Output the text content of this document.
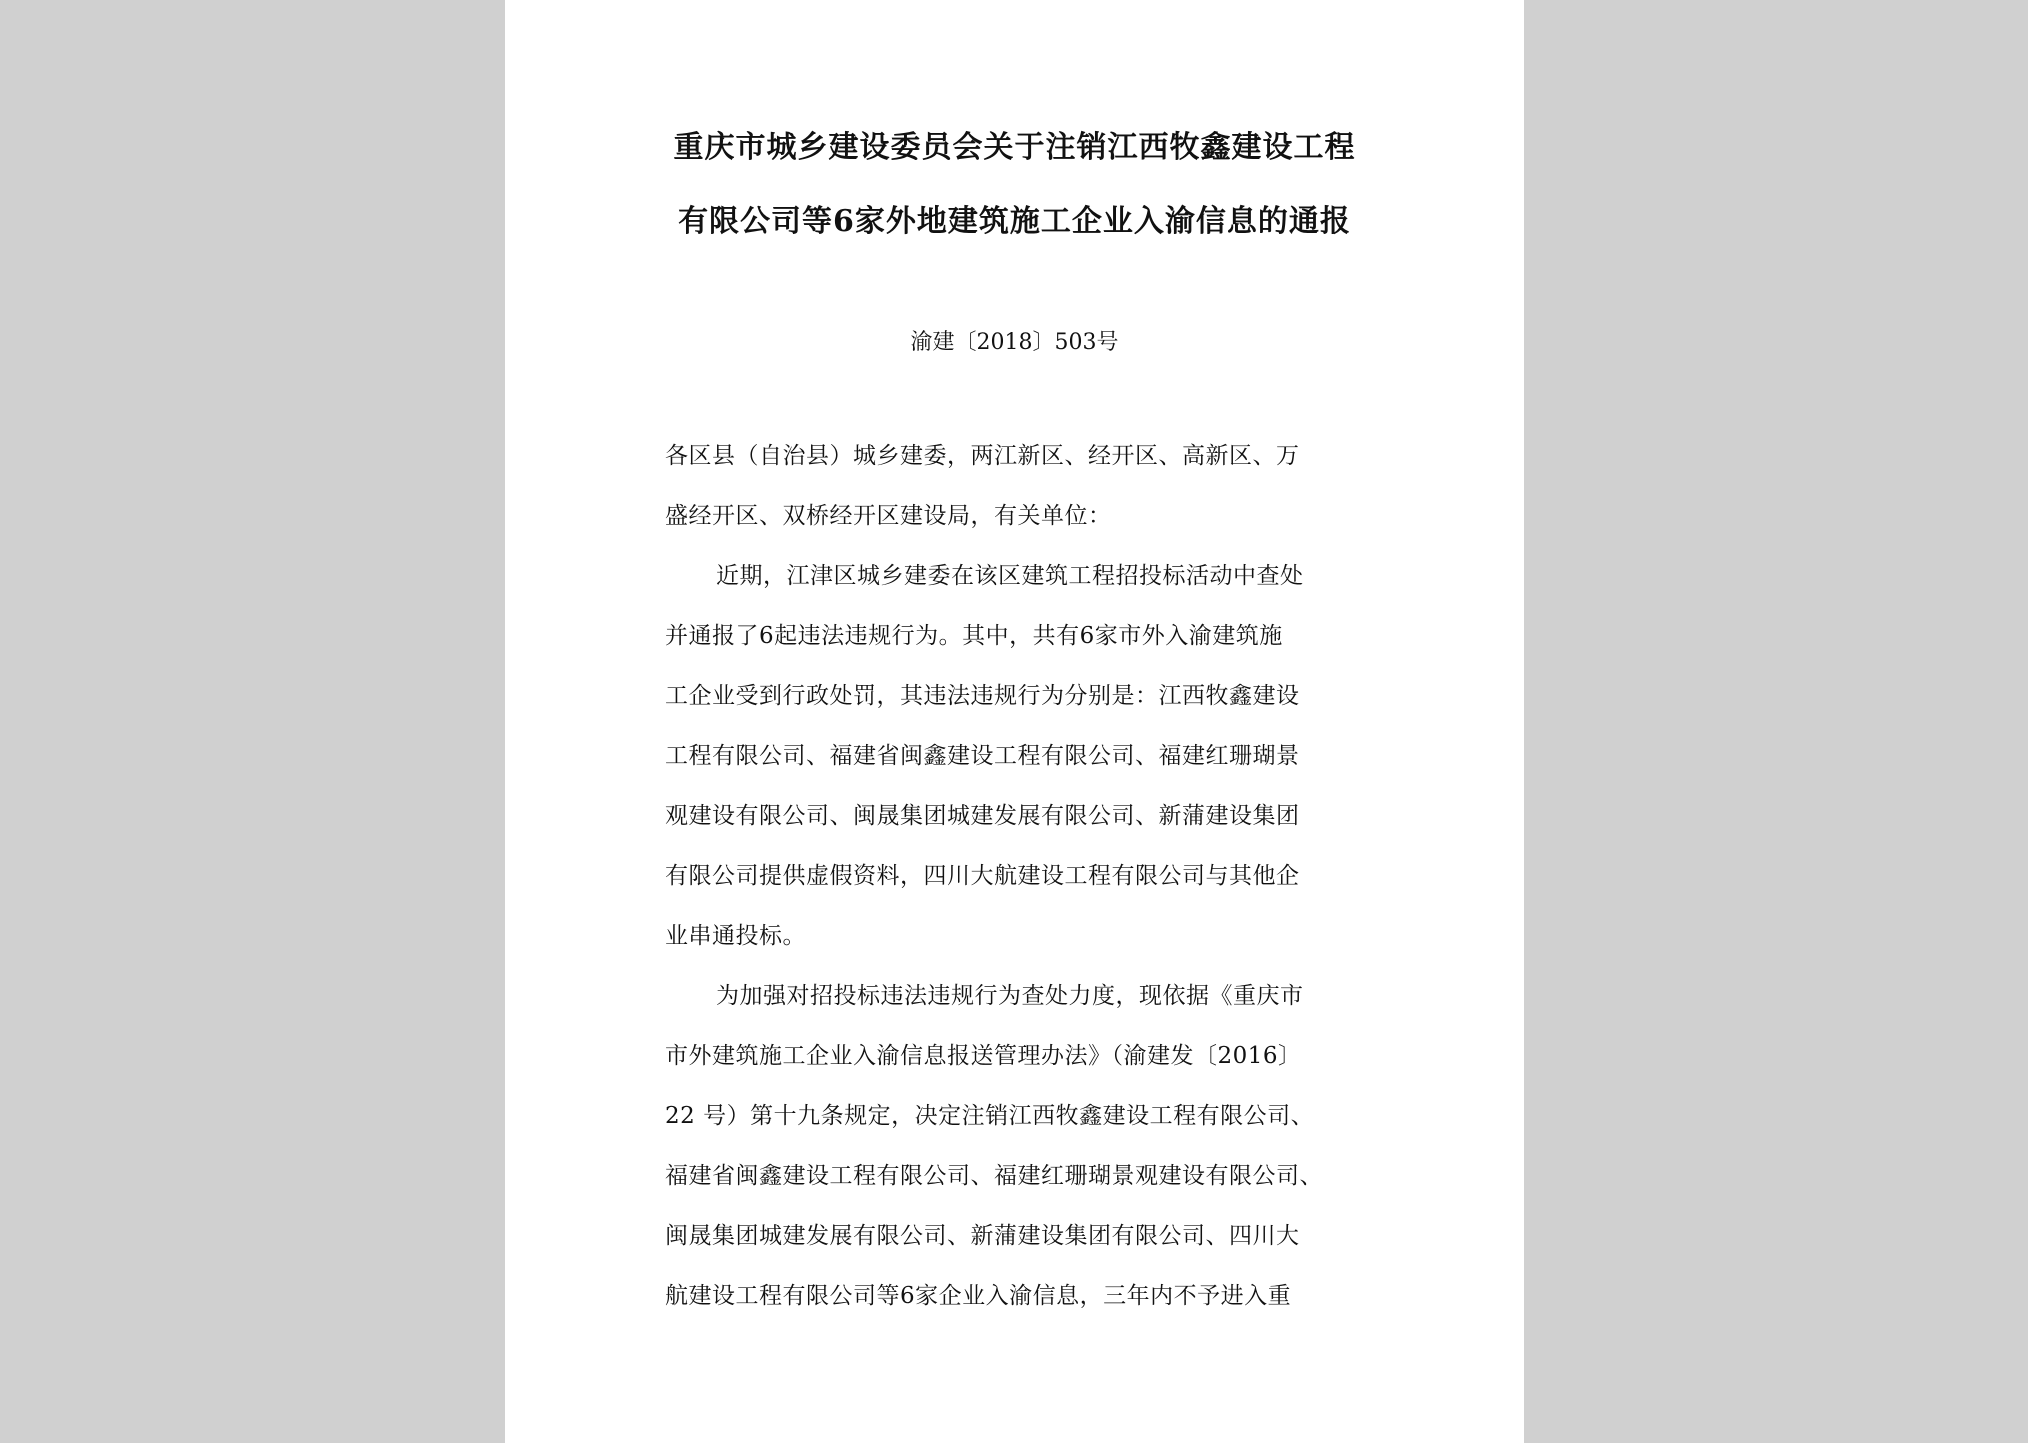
重庆市城乡建设委员会关于注销江西牧鑫建设工程
有限公司等6家外地建筑施工企业入渝信息的通报
渝建〔2018〕503号
各区县（自治县）城乡建委，两江新区、经开区、高新区、万
盛经开区、双桥经开区建设局，有关单位：
近期，江津区城乡建委在该区建筑工程招投标活动中查处
并通报了6起违法违规行为。其中，共有6家市外入渝建筑施
工企业受到行政处罚，其违法违规行为分别是：江西牧鑫建设
工程有限公司、福建省闽鑫建设工程有限公司、福建红珊瑚景
观建设有限公司、闽晟集团城建发展有限公司、新蒲建设集团
有限公司提供虚假资料，四川大航建设工程有限公司与其他企
业串通投标。
为加强对招投标违法违规行为查处力度，现依据《重庆市
市外建筑施工企业入渝信息报送管理办法》（渝建发〔2016〕
22 号）第十九条规定，决定注销江西牧鑫建设工程有限公司、
福建省闽鑫建设工程有限公司、福建红珊瑚景观建设有限公司、
闽晟集团城建发展有限公司、新蒲建设集团有限公司、四川大
航建设工程有限公司等6家企业入渝信息，三年内不予进入重
